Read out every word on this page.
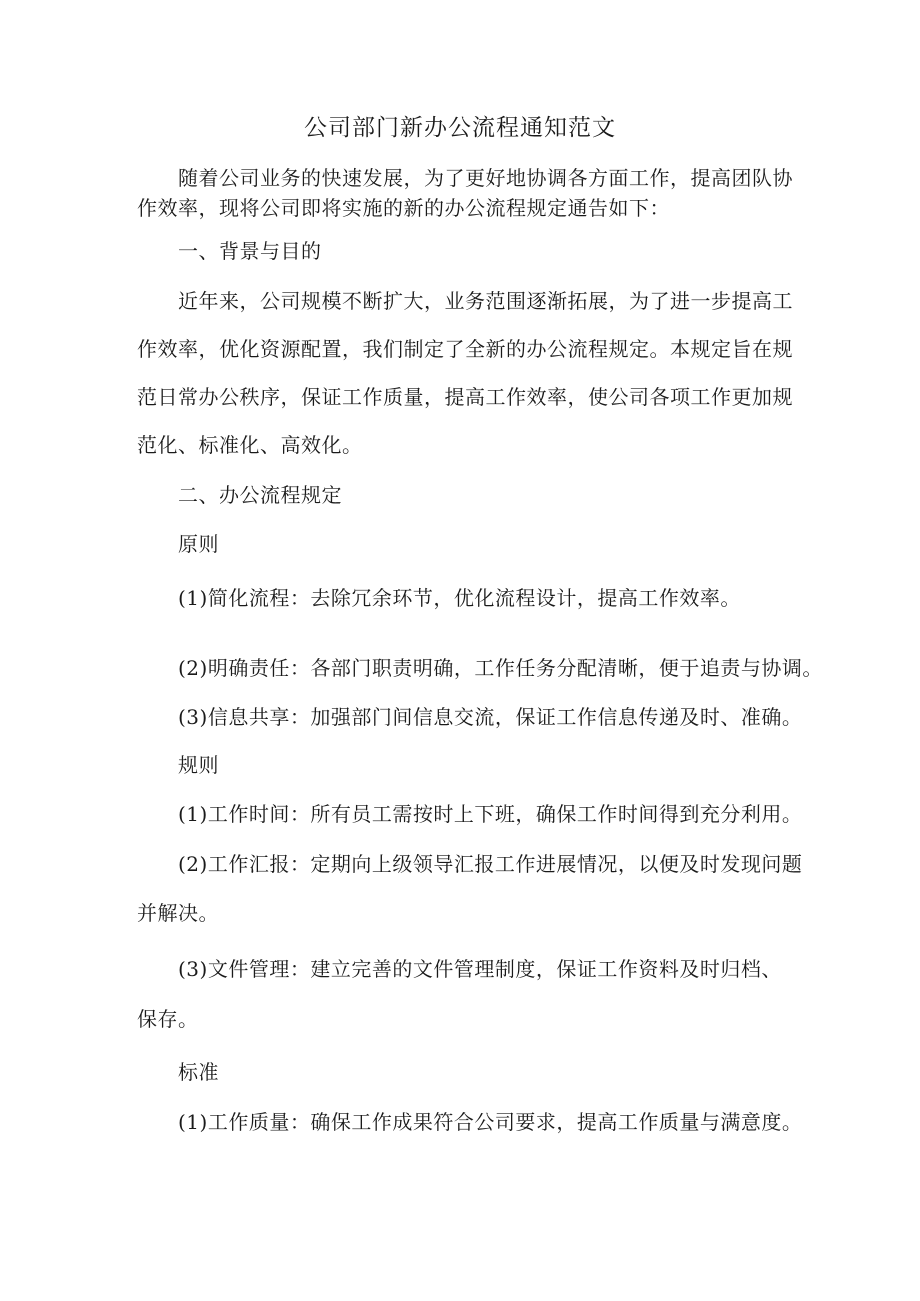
公司部门新办公流程通知范文
随着公司业务的快速发展，为了更好地协调各方面工作，提高团队协
作效率，现将公司即将实施的新的办公流程规定通告如下：
一、背景与目的
近年来，公司规模不断扩大，业务范围逐渐拓展，为了进一步提高工
作效率，优化资源配置，我们制定了全新的办公流程规定。本规定旨在规
范日常办公秩序，保证工作质量，提高工作效率，使公司各项工作更加规
范化、标准化、高效化。
二、办公流程规定
原则
(1)简化流程：去除冗余环节，优化流程设计，提高工作效率。
(2)明确责任：各部门职责明确，工作任务分配清晰，便于追责与协调。
(3)信息共享：加强部门间信息交流，保证工作信息传递及时、准确。
规则
(1)工作时间：所有员工需按时上下班，确保工作时间得到充分利用。
(2)工作汇报：定期向上级领导汇报工作进展情况，以便及时发现问题
并解决。
(3)文件管理：建立完善的文件管理制度，保证工作资料及时归档、
保存。
标准
(1)工作质量：确保工作成果符合公司要求，提高工作质量与满意度。
